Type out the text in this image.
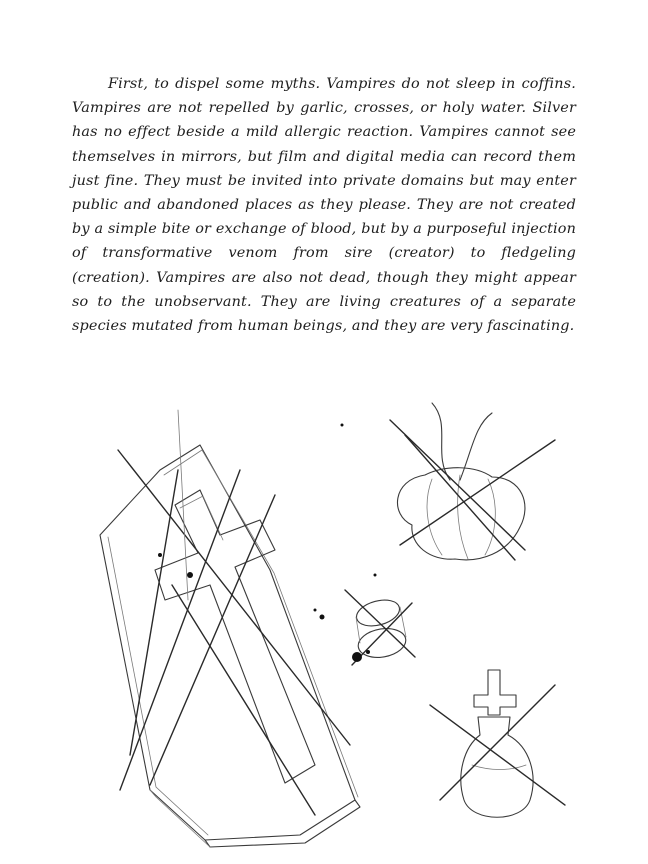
First, to dispel some myths. Vampires do not sleep in coffins. Vampires are not repelled by garlic, crosses, or holy water. Silver has no effect beside a mild allergic reaction. Vampires cannot see themselves in mirrors, but film and digital media can record them just fine. They must be invited into private domains but may enter public and abandoned places as they please. They are not created by a simple bite or exchange of blood, but by a purposeful injection of transformative venom from sire (creator) to fledgeling (creation). Vampires are also not dead, though they might appear so to the unobservant. They are living creatures of a separate species mutated from human beings, and they are very fascinating.
